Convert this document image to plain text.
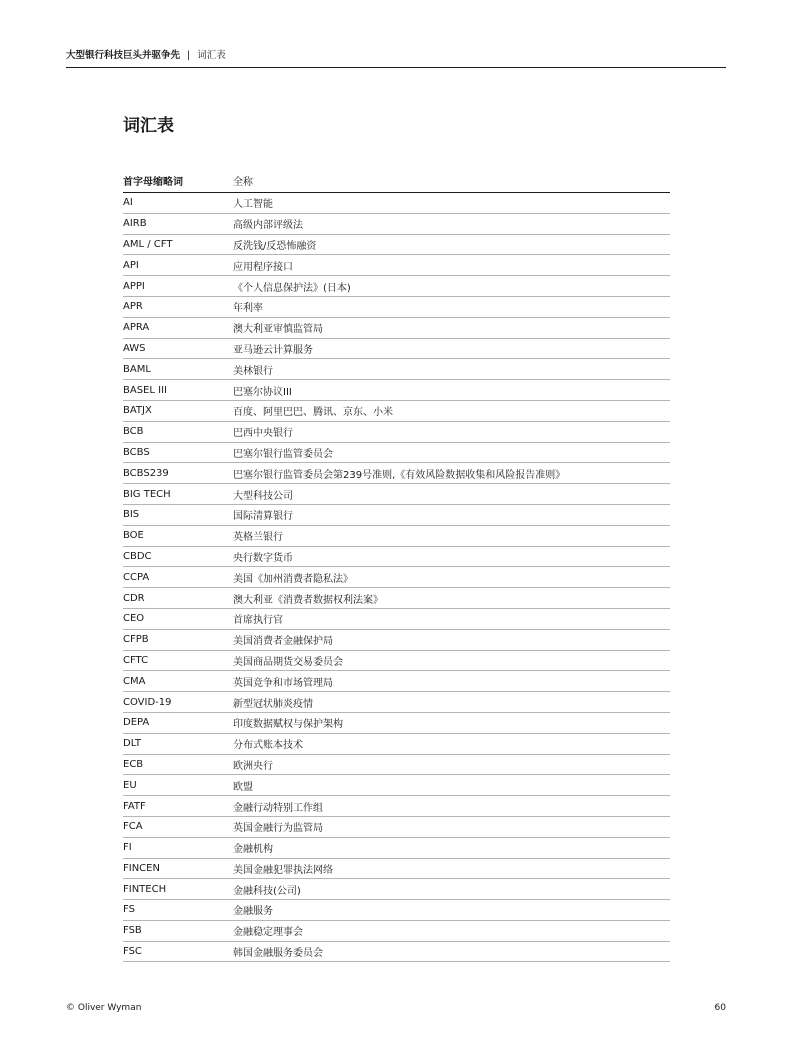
大型银行科技巨头并驱争先 | 词汇表
词汇表
首字母缩略词	全称
AI	人工智能
AIRB	高级内部评级法
AML / CFT	反洗钱/反恐怖融资
API	应用程序接口
APPI	《个人信息保护法》(日本)
APR	年利率
APRA	澳大利亚审慎监管局
AWS	亚马逊云计算服务
BAML	美林银行
BASEL III	巴塞尔协议III
BATJX	百度、阿里巴巴、腾讯、京东、小米
BCB	巴西中央银行
BCBS	巴塞尔银行监管委员会
BCBS239	巴塞尔银行监管委员会第239号准则,《有效风险数据收集和风险报告准则》
BIG TECH	大型科技公司
BIS	国际清算银行
BOE	英格兰银行
CBDC	央行数字货币
CCPA	美国《加州消费者隐私法》
CDR	澳大利亚《消费者数据权利法案》
CEO	首席执行官
CFPB	美国消费者金融保护局
CFTC	美国商品期货交易委员会
CMA	英国竞争和市场管理局
COVID-19	新型冠状肺炎疫情
DEPA	印度数据赋权与保护架构
DLT	分布式账本技术
ECB	欧洲央行
EU	欧盟
FATF	金融行动特别工作组
FCA	英国金融行为监管局
FI	金融机构
FINCEN	美国金融犯罪执法网络
FINTECH	金融科技(公司)
FS	金融服务
FSB	金融稳定理事会
FSC	韩国金融服务委员会
© Oliver Wyman	60
